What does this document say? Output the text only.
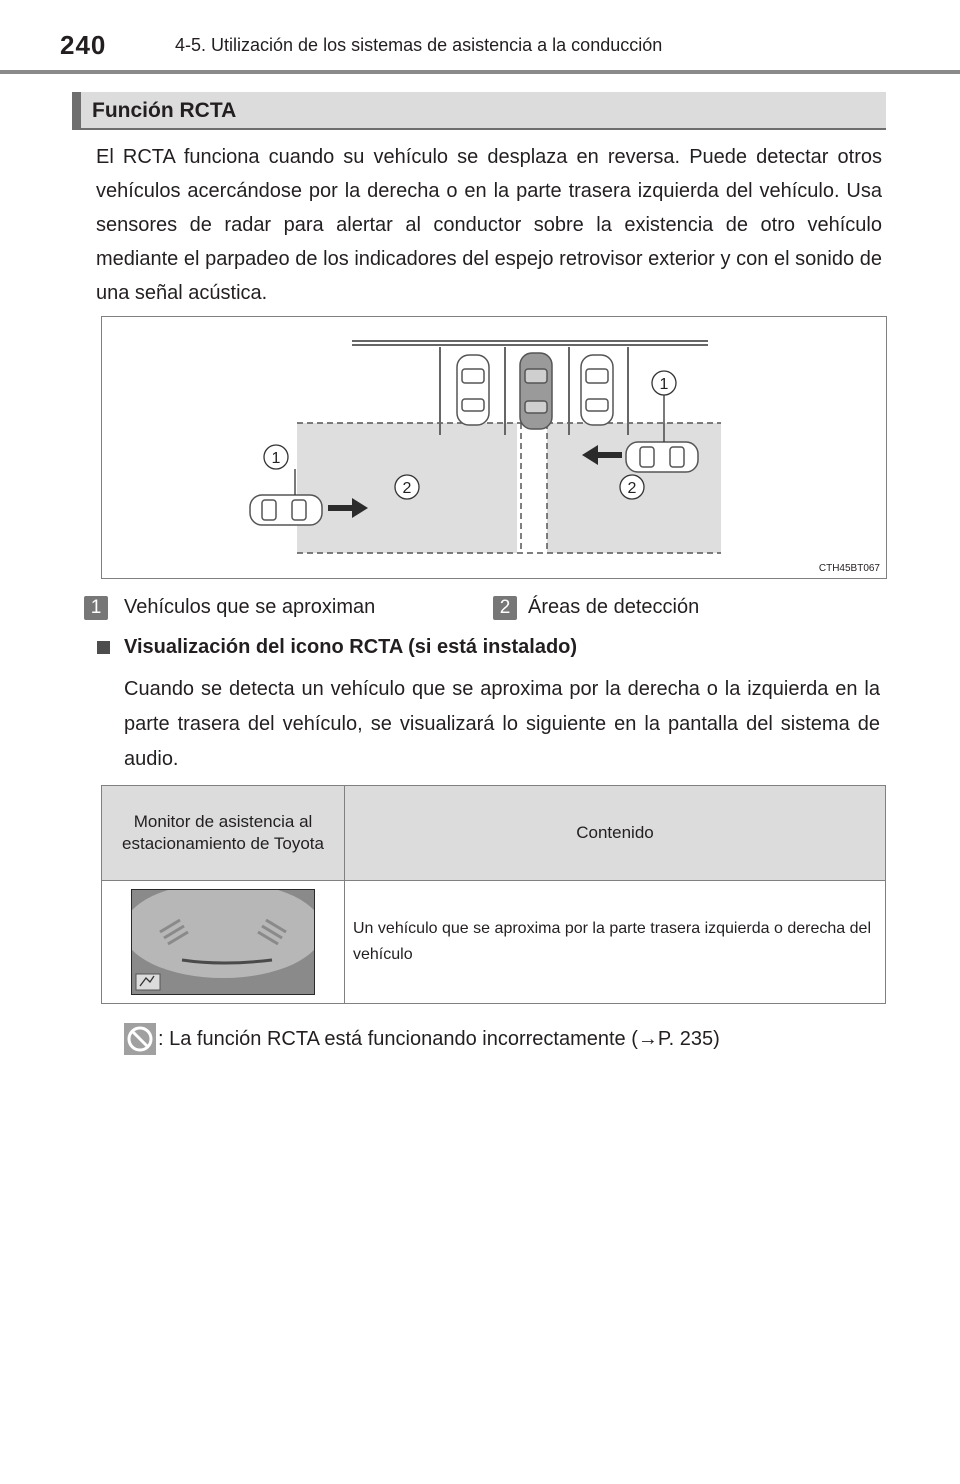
240	4-5. Utilización de los sistemas de asistencia a la conducción
Función RCTA
El RCTA funciona cuando su vehículo se desplaza en reversa. Puede detectar otros vehículos acercándose por la derecha o en la parte trasera izquierda del vehículo. Usa sensores de radar para alertar al conductor sobre la existencia de otro vehículo mediante el parpadeo de los indicadores del espejo retrovisor exterior y con el sonido de una señal acústica.
1
1
2	2
CTH45BT067
1	Vehículos que se aproximan	2 Áreas de detección
Visualización del icono RCTA (si está instalado)
Cuando se detecta un vehículo que se aproxima por la derecha o la izquierda en la parte trasera del vehículo, se visualizará lo siguiente en la pantalla del sistema de audio.
Monitor de asistencia al estacionamiento de Toyota	Contenido

	Un vehículo que se aproxima por la parte trasera izquierda o derecha del vehículo
: La función RCTA está funcionando incorrectamente (→P. 235)
